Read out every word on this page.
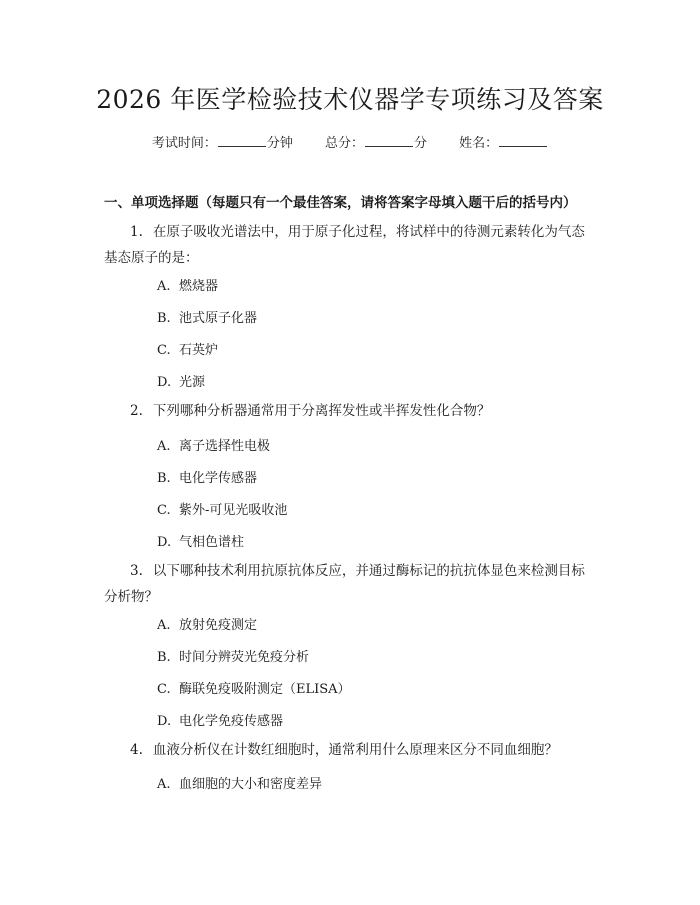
2026 年医学检验技术仪器学专项练习及答案
考试时间：	分钟 总分：	分 姓名：
一、单项选择题（每题只有一个最佳答案，请将答案字母填入题干后的括号内）
1. 在原子吸收光谱法中，用于原子化过程，将试样中的待测元素转化为气态基态原子的是：
A. 燃烧器
B. 池式原子化器
C. 石英炉
D. 光源
2. 下列哪种分析器通常用于分离挥发性或半挥发性化合物？
A. 离子选择性电极
B. 电化学传感器
C. 紫外-可见光吸收池
D. 气相色谱柱
3. 以下哪种技术利用抗原抗体反应，并通过酶标记的抗抗体显色来检测目标分析物？
A. 放射免疫测定
B. 时间分辨荧光免疫分析
C. 酶联免疫吸附测定（ELISA）
D. 电化学免疫传感器
4. 血液分析仪在计数红细胞时，通常利用什么原理来区分不同血细胞？
A. 血细胞的大小和密度差异
